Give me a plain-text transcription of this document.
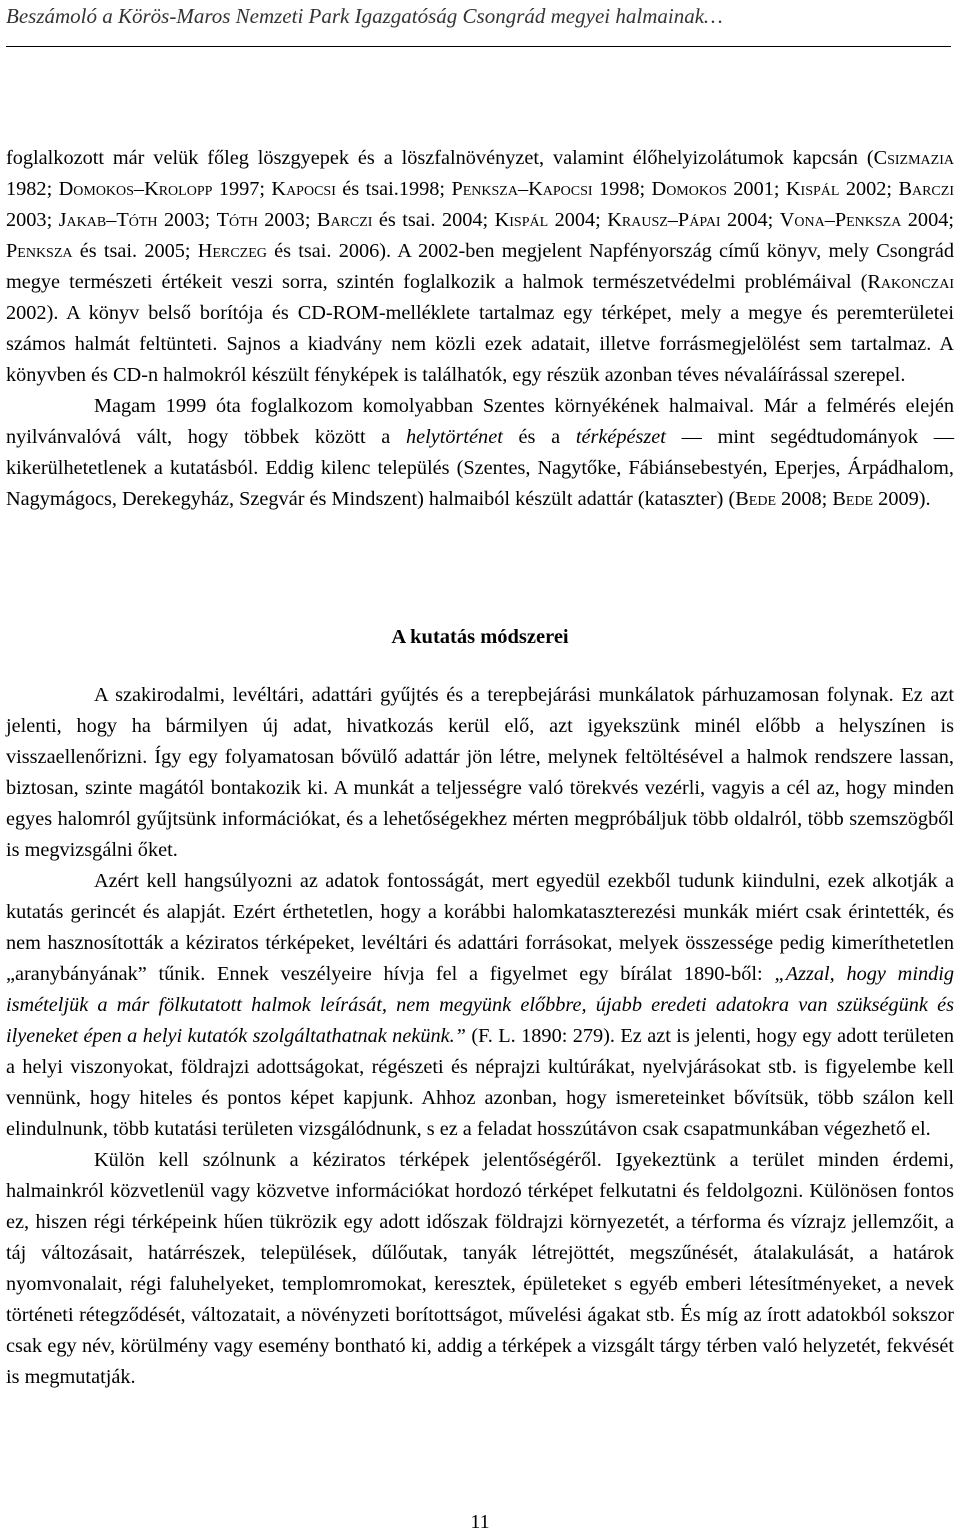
Beszámoló a Körös-Maros Nemzeti Park Igazgatóság Csongrád megyei halmainak…

foglalkozott már velük főleg löszgyepek és a löszfalnövényzet, valamint élőhelyizolátumok kapcsán (Csizmazia 1982; Domokos–Krolopp 1997; Kapocsi és tsai.1998; Penksza–Kapocsi 1998; Domokos 2001; Kispál 2002; Barczi 2003; Jakab–Tóth 2003; Tóth 2003; Barczi és tsai. 2004; Kispál 2004; Krausz–Pápai 2004; Vona–Penksza 2004; Penksza és tsai. 2005; Herczeg és tsai. 2006). A 2002-ben megjelent Napfényország című könyv, mely Csongrád megye természeti értékeit veszi sorra, szintén foglalkozik a halmok természetvédelmi problémáival (Rakonczai 2002). A könyv belső borítója és CD-ROM-melléklete tartalmaz egy térképet, mely a megye és peremterületei számos halmát feltünteti. Sajnos a kiadvány nem közli ezek adatait, illetve forrásmegjelölést sem tartalmaz. A könyvben és CD-n halmokról készült fényképek is találhatók, egy részük azonban téves névaláírással szerepel.

Magam 1999 óta foglalkozom komolyabban Szentes környékének halmaival. Már a felmérés elején nyilvánvalóvá vált, hogy többek között a helytörténet és a térképészet — mint segédtudományok — kikerülhetetlenek a kutatásból. Eddig kilenc település (Szentes, Nagytőke, Fábiánsebestyén, Eperjes, Árpádhalom, Nagymágocs, Derekegyház, Szegvár és Mindszent) halmaiból készült adattár (kataszter) (Bede 2008; Bede 2009).

A kutatás módszerei

A szakirodalmi, levéltári, adattári gyűjtés és a terepbejárási munkálatok párhuzamosan folynak. Ez azt jelenti, hogy ha bármilyen új adat, hivatkozás kerül elő, azt igyekszünk minél előbb a helyszínen is visszaellenőrizni. Így egy folyamatosan bővülő adattár jön létre, melynek feltöltésével a halmok rendszere lassan, biztosan, szinte magától bontakozik ki. A munkát a teljességre való törekvés vezérli, vagyis a cél az, hogy minden egyes halomról gyűjtsünk információkat, és a lehetőségekhez mérten megpróbáljuk több oldalról, több szemszögből is megvizsgálni őket.

Azért kell hangsúlyozni az adatok fontosságát, mert egyedül ezekből tudunk kiindulni, ezek alkotják a kutatás gerincét és alapját. Ezért érthetetlen, hogy a korábbi halomkataszterezési munkák miért csak érintették, és nem hasznosították a kéziratos térképeket, levéltári és adattári forrásokat, melyek összessége pedig kimeríthetetlen „aranybányának” tűnik. Ennek veszélyeire hívja fel a figyelmet egy bírálat 1890-ből: „Azzal, hogy mindig ismételjük a már fölkutatott halmok leírását, nem megyünk előbbre, újabb eredeti adatokra van szükségünk és ilyeneket épen a helyi kutatók szolgáltathatnak nekünk.” (F. L. 1890: 279). Ez azt is jelenti, hogy egy adott területen a helyi viszonyokat, földrajzi adottságokat, régészeti és néprajzi kultúrákat, nyelvjárásokat stb. is figyelembe kell vennünk, hogy hiteles és pontos képet kapjunk. Ahhoz azonban, hogy ismereteinket bővítsük, több szálon kell elindulnunk, több kutatási területen vizsgálódnunk, s ez a feladat hosszútávon csak csapatmunkában végezhető el.

Külön kell szólnunk a kéziratos térképek jelentőségéről. Igyekeztünk a terület minden érdemi, halmainkról közvetlenül vagy közvetve információkat hordozó térképet felkutatni és feldolgozni. Különösen fontos ez, hiszen régi térképeink hűen tükrözik egy adott időszak földrajzi környezetét, a térforma és vízrajz jellemzőit, a táj változásait, határrészek, települések, dűlőutak, tanyák létrejöttét, megszűnését, átalakulását, a határok nyomvonalait, régi faluhelyeket, templomromokat, keresztek, épületeket s egyéb emberi létesítményeket, a nevek történeti rétegződését, változatait, a növényzeti borítottságot, művelési ágakat stb. És míg az írott adatokból sokszor csak egy név, körülmény vagy esemény bontható ki, addig a térképek a vizsgált tárgy térben való helyzetét, fekvését is megmutatják.

11
